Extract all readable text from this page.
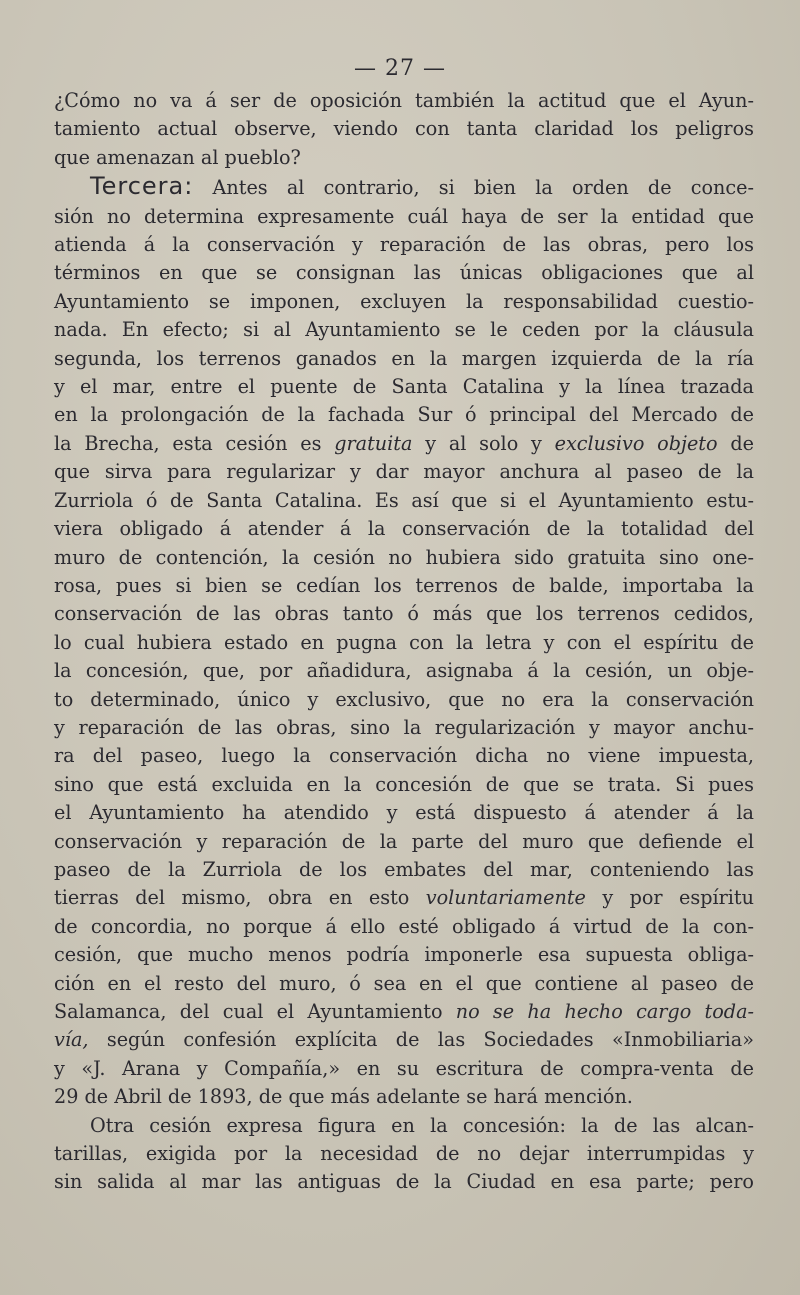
— 27 —
¿Cómo no va á ser de oposición también la actitud que el Ayun-
tamiento actual observe, viendo con tanta claridad los peligros
que amenazan al pueblo?
Tercera: Antes al contrario, si bien la orden de conce-
sión no determina expresamente cuál haya de ser la entidad que
atienda á la conservación y reparación de las obras, pero los
términos en que se consignan las únicas obligaciones que al
Ayuntamiento se imponen, excluyen la responsabilidad cuestio-
nada. En efecto; si al Ayuntamiento se le ceden por la cláusula
segunda, los terrenos ganados en la margen izquierda de la ría
y el mar, entre el puente de Santa Catalina y la línea trazada
en la prolongación de la fachada Sur ó principal del Mercado de
la Brecha, esta cesión es gratuita y al solo y exclusivo objeto de
que sirva para regularizar y dar mayor anchura al paseo de la
Zurriola ó de Santa Catalina. Es así que si el Ayuntamiento estu-
viera obligado á atender á la conservación de la totalidad del
muro de contención, la cesión no hubiera sido gratuita sino one-
rosa, pues si bien se cedían los terrenos de balde, importaba la
conservación de las obras tanto ó más que los terrenos cedidos,
lo cual hubiera estado en pugna con la letra y con el espíritu de
la concesión, que, por añadidura, asignaba á la cesión, un obje-
to determinado, único y exclusivo, que no era la conservación
y reparación de las obras, sino la regularización y mayor anchu-
ra del paseo, luego la conservación dicha no viene impuesta,
sino que está excluida en la concesión de que se trata. Si pues
el Ayuntamiento ha atendido y está dispuesto á atender á la
conservación y reparación de la parte del muro que defiende el
paseo de la Zurriola de los embates del mar, conteniendo las
tierras del mismo, obra en esto voluntariamente y por espíritu
de concordia, no porque á ello esté obligado á virtud de la con-
cesión, que mucho menos podría imponerle esa supuesta obliga-
ción en el resto del muro, ó sea en el que contiene al paseo de
Salamanca, del cual el Ayuntamiento no se ha hecho cargo toda-
vía, según confesión explícita de las Sociedades «Inmobiliaria»
y «J. Arana y Compañía,» en su escritura de compra-venta de
29 de Abril de 1893, de que más adelante se hará mención.
Otra cesión expresa figura en la concesión: la de las alcan-
tarillas, exigida por la necesidad de no dejar interrumpidas y
sin salida al mar las antiguas de la Ciudad en esa parte; pero
